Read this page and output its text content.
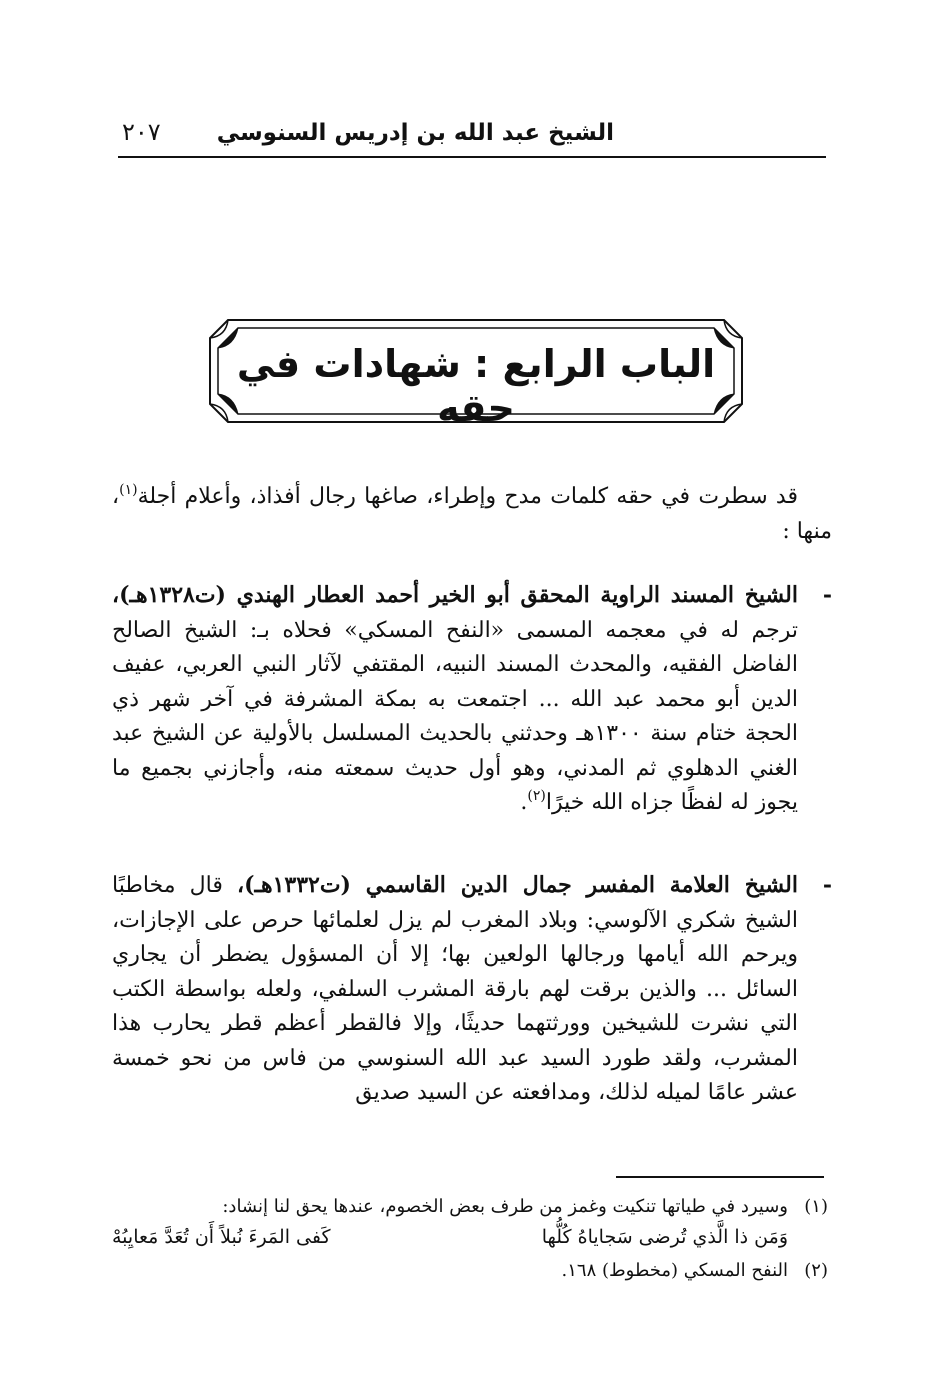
الشيخ عبد الله بن إدريس السنوسي
٢٠٧
الباب الرابع : شهادات في حقه

قد سطرت في حقه كلمات مدح وإطراء، صاغها رجال أفذاذ، وأعلام أجلة$^{(١)}$، منها :

-
الشيخ المسند الراوية المحقق أبو الخير أحمد العطار الهندي (ت١٣٢٨هـ)، ترجم له في معجمه المسمى «النفح المسكي» فحلاه بـ: الشيخ الصالح الفاضل الفقيه، والمحدث المسند النبيه، المقتفي لآثار النبي العربي، عفيف الدين أبو محمد عبد الله ... اجتمعت به بمكة المشرفة في آخر شهر ذي الحجة ختام سنة ١٣٠٠هـ وحدثني بالحديث المسلسل بالأولية عن الشيخ عبد الغني الدهلوي ثم المدني، وهو أول حديث سمعته منه، وأجازني بجميع ما يجوز له لفظًا جزاه الله خيرًا$^{(٢)}$.
-
الشيخ العلامة المفسر جمال الدين القاسمي (ت١٣٣٢هـ)، قال مخاطبًا الشيخ شكري الآلوسي: وبلاد المغرب لم يزل لعلمائها حرص على الإجازات، ويرحم الله أيامها ورجالها الولعين بها؛ إلا أن المسؤول يضطر أن يجاري السائل ... والذين برقت لهم بارقة المشرب السلفي، ولعله بواسطة الكتب التي نشرت للشيخين وورثتهما حديثًا، وإلا فالقطر أعظم قطر يحارب هذا المشرب، ولقد طورد السيد عبد الله السنوسي من فاس من نحو خمسة عشر عامًا لميله لذلك، ومدافعته عن السيد صديق
(١)وسيرد في طياتها تنكيت وغمز من طرف بعض الخصوم، عندها يحق لنا إنشاد:
وَمَن ذا الَّذي تُرضى سَجاياهُ كُلُّها
كَفى المَرءَ نُبلاً أَن تُعَدَّ مَعايِبُهْ
(٢)النفح المسكي (مخطوط) ١٦٨.
